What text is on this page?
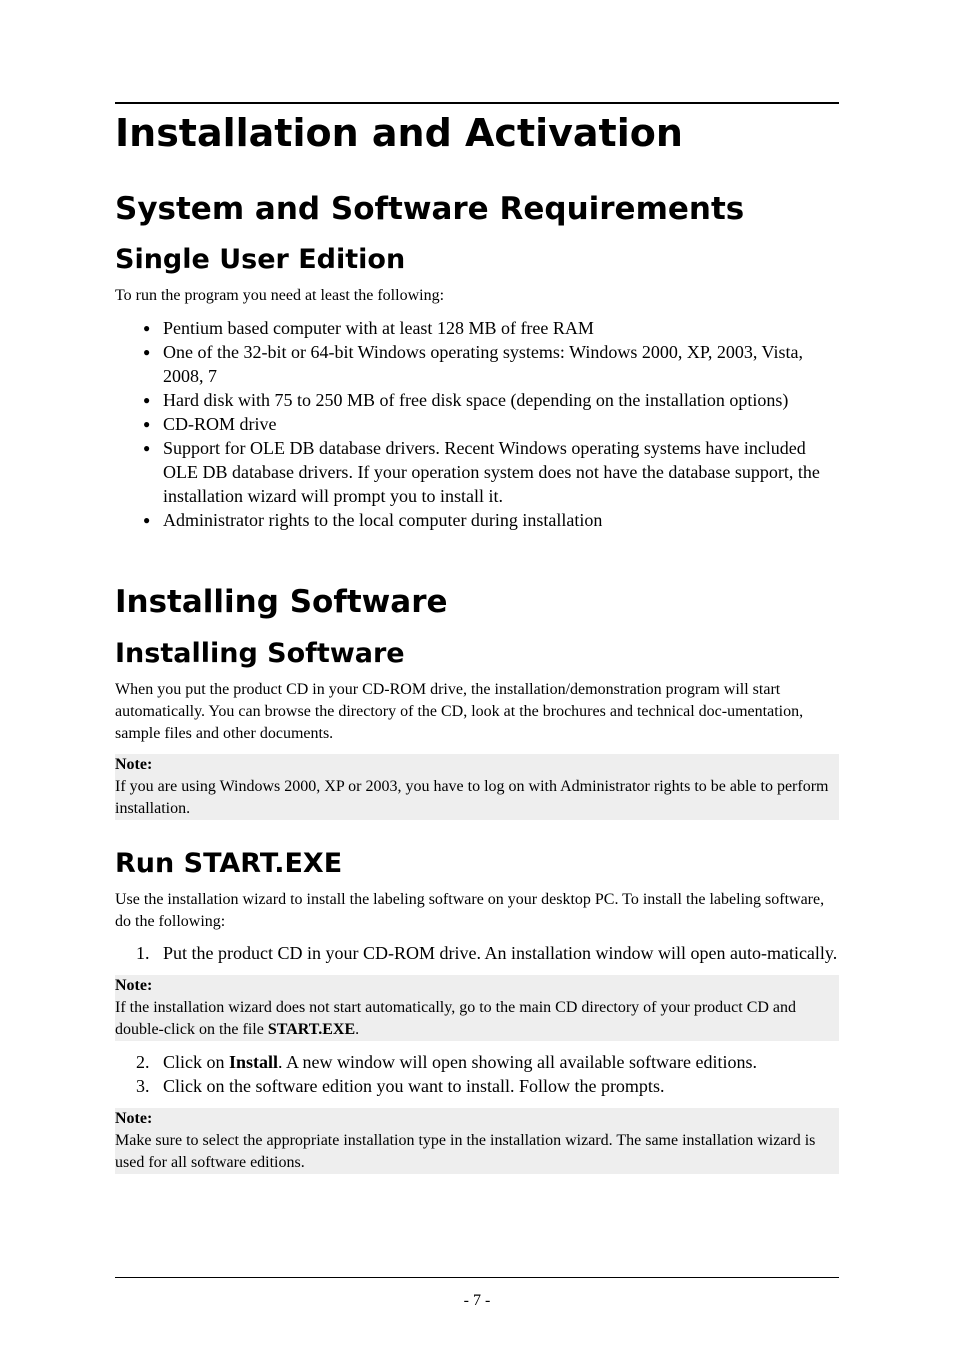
Installation and Activation
System and Software Requirements
Single User Edition

To run the program you need at least the following:

● Pentium based computer with at least 128 MB of free RAM
● One of the 32-bit or 64-bit Windows operating systems: Windows 2000, XP, 2003, Vista, 2008, 7
● Hard disk with 75 to 250 MB of free disk space (depending on the installation options)
● CD-ROM drive
● Support for OLE DB database drivers. Recent Windows operating systems have included OLE DB database drivers. If your operation system does not have the database support, the installation wizard will prompt you to install it.
● Administrator rights to the local computer during installation
Installing Software
Installing Software

When you put the product CD in your CD-ROM drive, the installation/demonstration program will start automatically. You can browse the directory of the CD, look at the brochures and technical doc-umentation, sample files and other documents.

Note:
If you are using Windows 2000, XP or 2003, you have to log on with Administrator rights to be able to perform installation.
Run START.EXE

Use the installation wizard to install the labeling software on your desktop PC. To install the labeling software, do the following:

1. Put the product CD in your CD-ROM drive. An installation window will open auto-matically.
Note:
If the installation wizard does not start automatically, go to the main CD directory of your product CD and double-click on the file START.EXE.
2. Click on Install. A new window will open showing all available software editions.
3. Click on the software edition you want to install. Follow the prompts.
Note:
Make sure to select the appropriate installation type in the installation wizard. The same installation wizard is used for all software editions.
- 7 -
